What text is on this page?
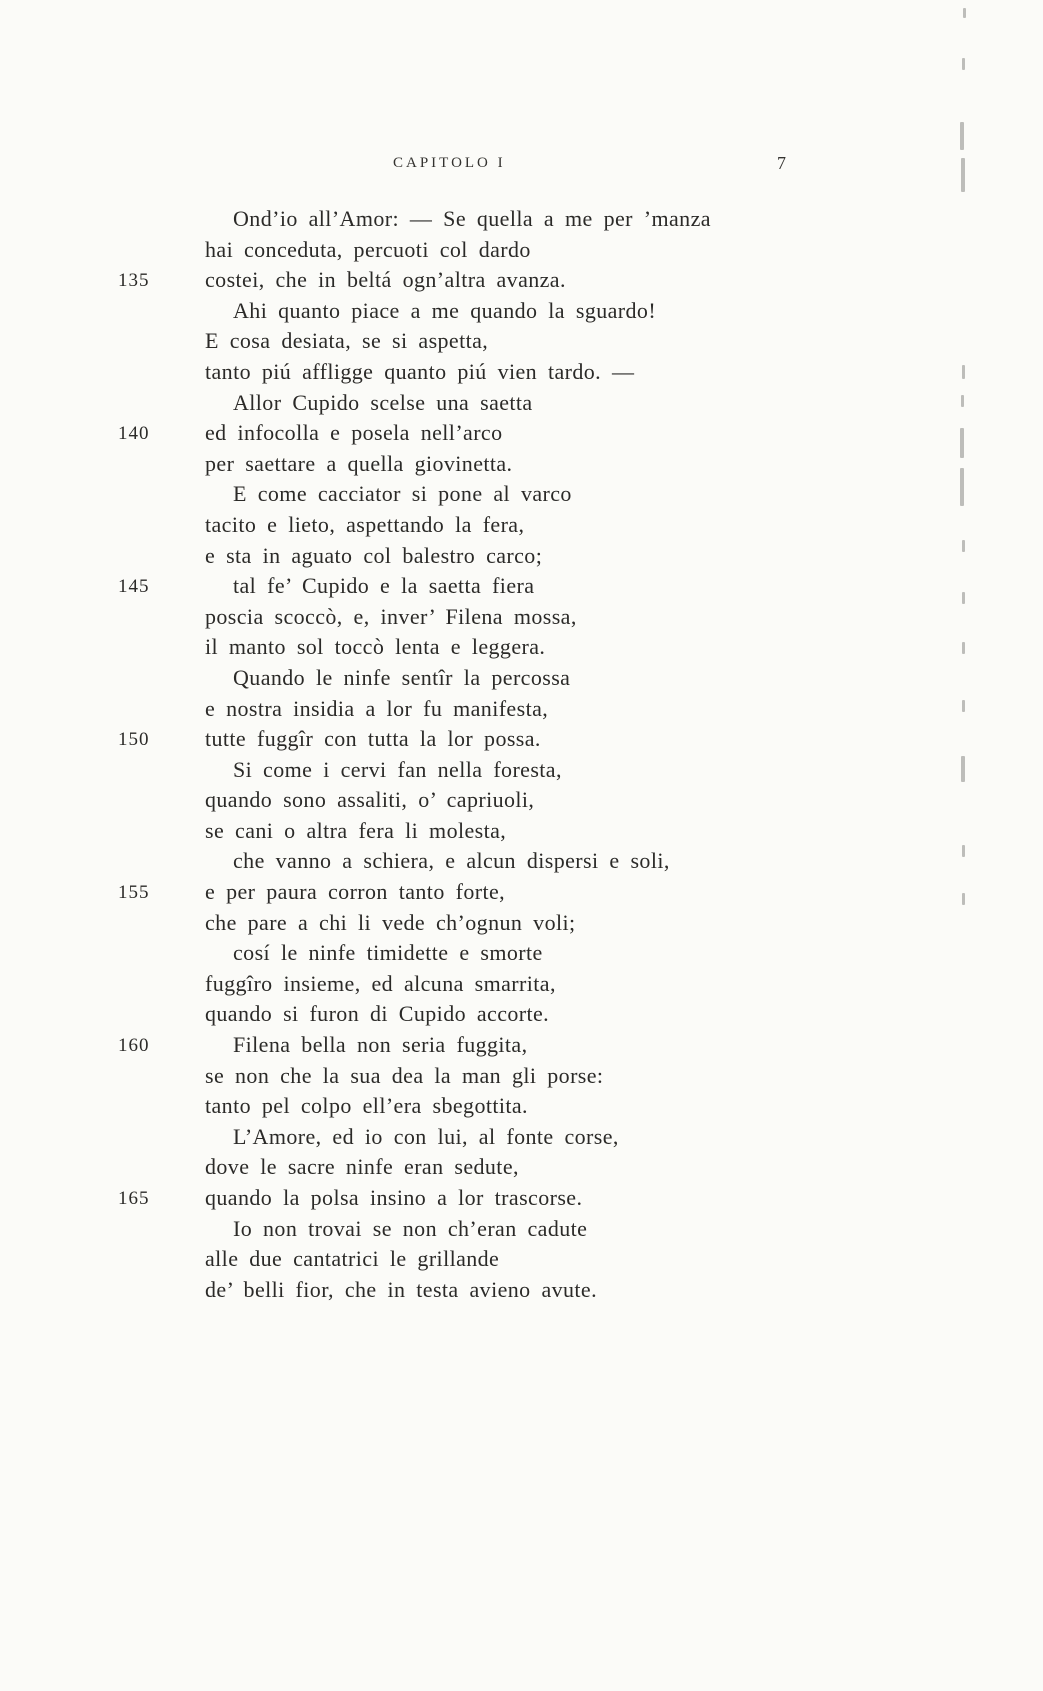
CAPITOLO I	7
Ond’io all’Amor: — Se quella a me per ’manza
hai conceduta, percuoti col dardo
135	costei, che in beltá ogn’altra avanza.
Ahi quanto piace a me quando la sguardo!
E cosa desiata, se si aspetta,
tanto piú affligge quanto piú vien tardo. —
Allor Cupido scelse una saetta
140	ed infocolla e posela nell’arco
per saettare a quella giovinetta.
E come cacciator si pone al varco
tacito e lieto, aspettando la fera,
e sta in aguato col balestro carco;
145	tal fe’ Cupido e la saetta fiera
poscia scoccò, e, inver’ Filena mossa,
il manto sol toccò lenta e leggera.
Quando le ninfe sentîr la percossa
e nostra insidia a lor fu manifesta,
150	tutte fuggîr con tutta la lor possa.
Si come i cervi fan nella foresta,
quando sono assaliti, o’ capriuoli,
se cani o altra fera li molesta,
che vanno a schiera, e alcun dispersi e soli,
155	e per paura corron tanto forte,
che pare a chi li vede ch’ognun voli;
cosí le ninfe timidette e smorte
fuggîro insieme, ed alcuna smarrita,
quando si furon di Cupido accorte.
160	Filena bella non seria fuggita,
se non che la sua dea la man gli porse:
tanto pel colpo ell’era sbegottita.
L’Amore, ed io con lui, al fonte corse,
dove le sacre ninfe eran sedute,
165	quando la polsa insino a lor trascorse.
Io non trovai se non ch’eran cadute
alle due cantatrici le grillande
de’ belli fior, che in testa avieno avute.
